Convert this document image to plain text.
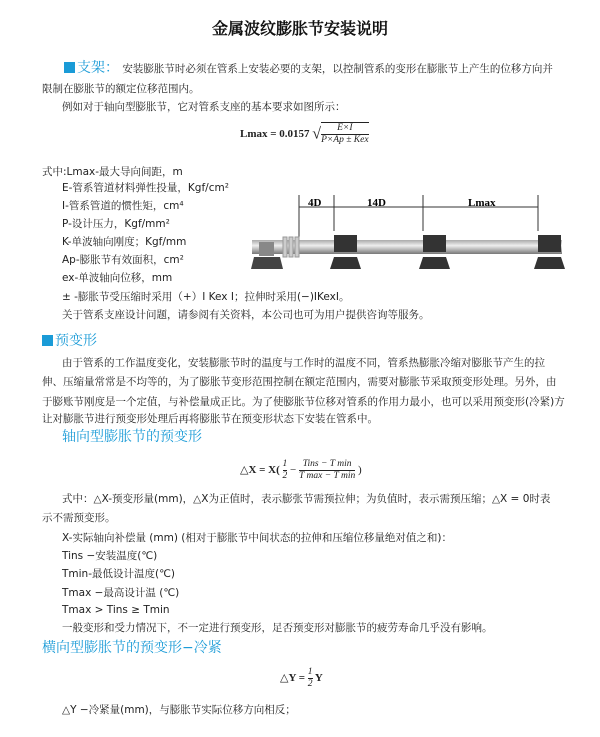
金属波纹膨胀节安装说明
支架： 安装膨胀节时必须在管系上安装必要的支架，以控制管系的变形在膨胀节上产生的位移方向并
限制在膨胀节的额定位移范围内。
例如对于轴向型膨胀节，它对管系支座的基本要求如图所示：
Lmax = 0.0157 √ $\frac{E\times I}{\text{P×Ap ± Kex}}$
式中:Lmax-最大导向间距，m
E-管系管道材料弹性投量，Kgf/cm²
I-管系管道的惯性矩，cm⁴
P-设计压力，Kgf/mm²
K-单波轴向刚度；Kgf/mm
Ap-膨胀节有效面积，cm²
ex-单波轴向位移，mm
± -膨胀节受压缩时采用（+）I Kex I；拉伸时采用(−)IKexI。
关于管系支座设计问题，请参阅有关资料，本公司也可为用户提供咨询等服务。
4D	14D	Lmax
预变形
由于管系的工作温度变化，安装膨胀节时的温度与工作时的温度不同，管系热膨胀冷缩对膨胀节产生的拉
伸、压缩量常常是不均等的，为了膨胀节变形范围控制在额定范围内，需要对膨胀节采取预变形处理。另外，由
于膨账节刚度是一个定值，与补偿量成正比。为了使膨胀节位移对管系的作用力最小，也可以采用预变形(冷紧)方
让对膨胀节进行预变形处理后再将膨胀节在预变形状态下安装在管系中。
轴向型膨胀节的预变形
△X = $X( \frac{1}{2} - \frac{\text{Tins − T min}}{\text{T max − T min}}$ )
式中：△X-预变形量(mm)，△X为正值时，表示膨张节需预拉伸；为负值时，表示需预压缩；△X = 0时表
示不需预变形。
X-实际轴向补偿量 (mm) (相对于膨胀节中间状态的拉伸和压缩位移量绝对值之和)：
Tins −安装温度(℃)
Tmin-最低设计温度(℃)
Tmax −最高设计温 (℃)
Tmax > Tins ≥ Tmin
一般变形和受力情况下，不一定进行预变形，足否预变形对膨胀节的疲劳寿命几乎没有影响。
横向型膨胀节的预变形−冷紧
△Y = $\frac{1}{2}$ Y
△Y −冷紧量(mm)，与膨胀节实际位移方向相反；
